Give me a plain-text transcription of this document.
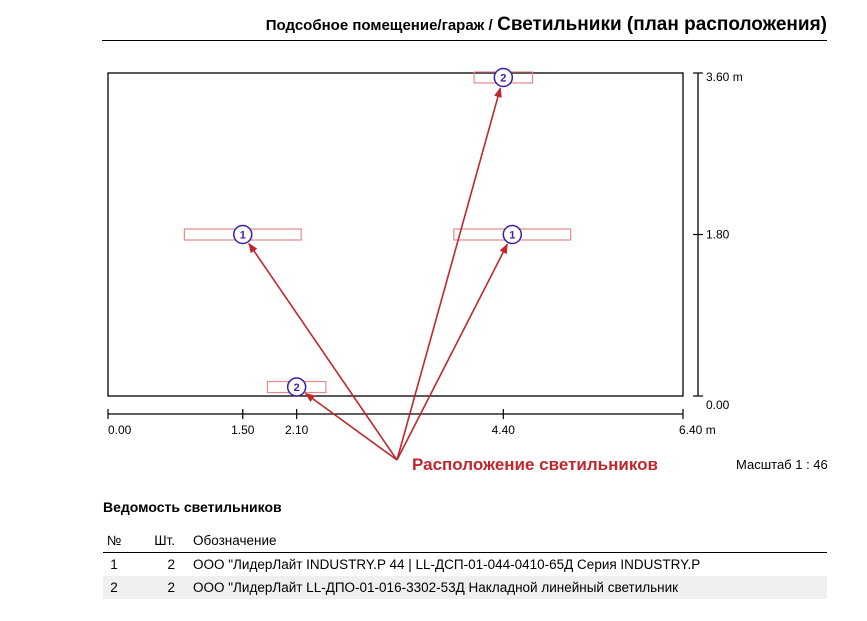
Подсобное помещение/гараж / Светильники (план расположения)
0.00	1.50	2.10	4.40	6.40 m
0.00
1.80
3.60 m
1	1
2
2
Расположение светильников	Масштаб 1 : 46
Ведомость светильников
№	Шт.	Обозначение
1	2	ООО "ЛидерЛайт INDUSTRY.P 44 | LL-ДСП-01-044-0410-65Д Серия INDUSTRY.P
2	2	ООО "ЛидерЛайт LL-ДПО-01-016-3302-53Д Накладной линейный светильник
